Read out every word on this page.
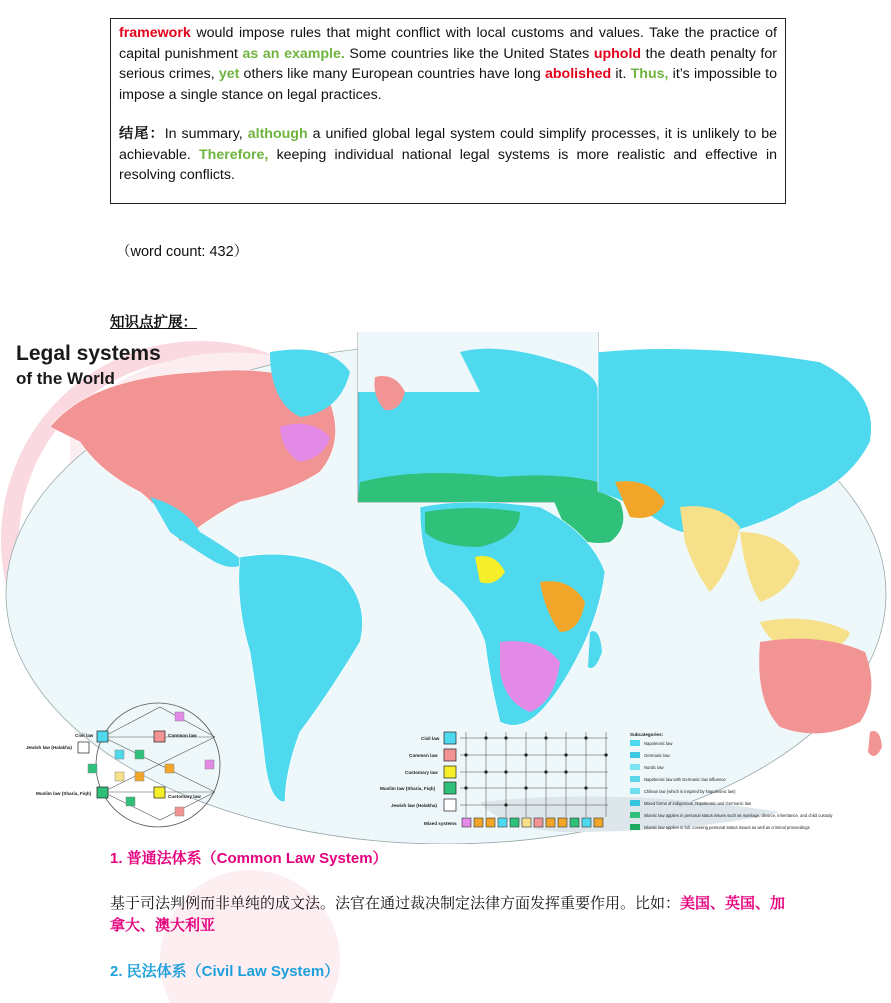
framework would impose rules that might conflict with local customs and values. Take the practice of capital punishment as an example. Some countries like the United States uphold the death penalty for serious crimes, yet others like many European countries have long abolished it. Thus, it’s impossible to impose a single stance on legal practices.

结尾：In summary, although a unified global legal system could simplify processes, it is unlikely to be achievable. Therefore, keeping individual national legal systems is more realistic and effective in resolving conflicts.

（word count: 432）
知识点扩展：
Civil law	Common law
Jewish law (Halakha)
Muslim law (Sharia, Fiqh)
Customary law
Civil law
Common law
Customary law
Muslim law (Sharia, Fiqh)
Jewish law (Halakha)
Mixed systems
Subcategories:
Napoleonic law
Germanic law
Nordic law
Napoleonic law with Germanic law influence
Chilean law (which is inspired by Napoleonic law)
Mixed forms of indigenous, Napoleonic and Germanic law
Islamic law applies in personal status issues such as marriage, divorce, inheritance, and child custody
Islamic law applies in full, covering personal status issues as well as criminal proceedings
Legal systems
of the World
1. 普通法体系（Common Law System）
基于司法判例而非单纯的成文法。法官在通过裁决制定法律方面发挥重要作用。比如：美国、英国、加拿大、澳大利亚
2. 民法体系（Civil Law System）
